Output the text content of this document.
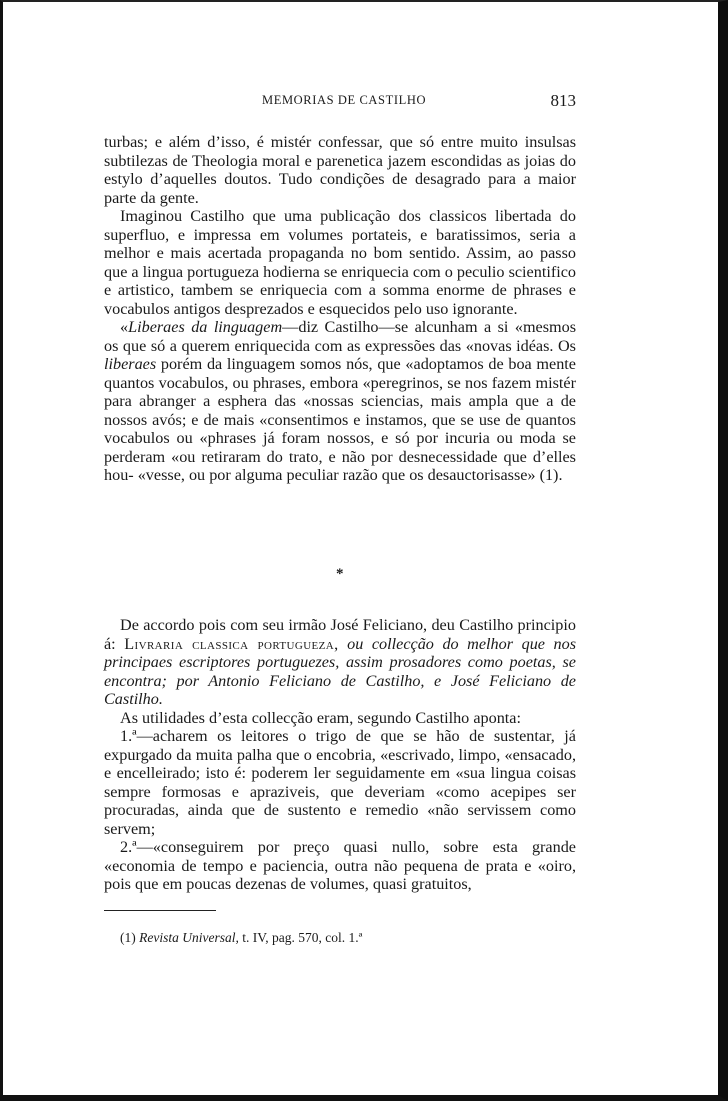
MEMORIAS DE CASTILHO	813

turbas; e além d’isso, é mistér confessar, que só entre muito insulsas subtilezas de Theologia moral e parenetica jazem escondidas as joias do estylo d’aquelles doutos. Tudo condições de desagrado para a maior parte da gente.

Imaginou Castilho que uma publicação dos classicos libertada do superfluo, e impressa em volumes portateis, e baratissimos, seria a melhor e mais acertada propaganda no bom sentido. Assim, ao passo que a lingua portugueza hodierna se enriquecia com o peculio scientifico e artistico, tambem se enriquecia com a somma enorme de phrases e vocabulos antigos desprezados e esquecidos pelo uso ignorante.

«Liberaes da linguagem—diz Castilho—se alcunham a si «mesmos os que só a querem enriquecida com as expressões das «novas idéas. Os liberaes porém da linguagem somos nós, que «adoptamos de boa mente quantos vocabulos, ou phrases, embora «peregrinos, se nos fazem mistér para abranger a esphera das «nossas sciencias, mais ampla que a de nossos avós; e de mais «consentimos e instamos, que se use de quantos vocabulos ou «phrases já foram nossos, e só por incuria ou moda se perderam «ou retiraram do trato, e não por desnecessidade que d’elles hou- «vesse, ou por alguma peculiar razão que os desauctorisasse» (1).

*

De accordo pois com seu irmão José Feliciano, deu Castilho principio á: Livraria classica portugueza, ou collecção do melhor que nos principaes escriptores portuguezes, assim prosadores como poetas, se encontra; por Antonio Feliciano de Castilho, e José Feliciano de Castilho.

As utilidades d’esta collecção eram, segundo Castilho aponta:

1.ª—acharem os leitores o trigo de que se hão de sustentar, já expurgado da muita palha que o encobria, «escrivado, limpo, «ensacado, e encelleirado; isto é: poderem ler seguidamente em «sua lingua coisas sempre formosas e aprazivеis, que deveriam «como acepipes ser procuradas, ainda que de sustento e remedio «não servissem como servem;

2.ª—«conseguirem por preço quasi nullo, sobre esta grande «economia de tempo e paciencia, outra não pequena de prata e «oiro, pois que em poucas dezenas de volumes, quasi gratuitos,

(1) Revista Universal, t. IV, pag. 570, col. 1.ª
